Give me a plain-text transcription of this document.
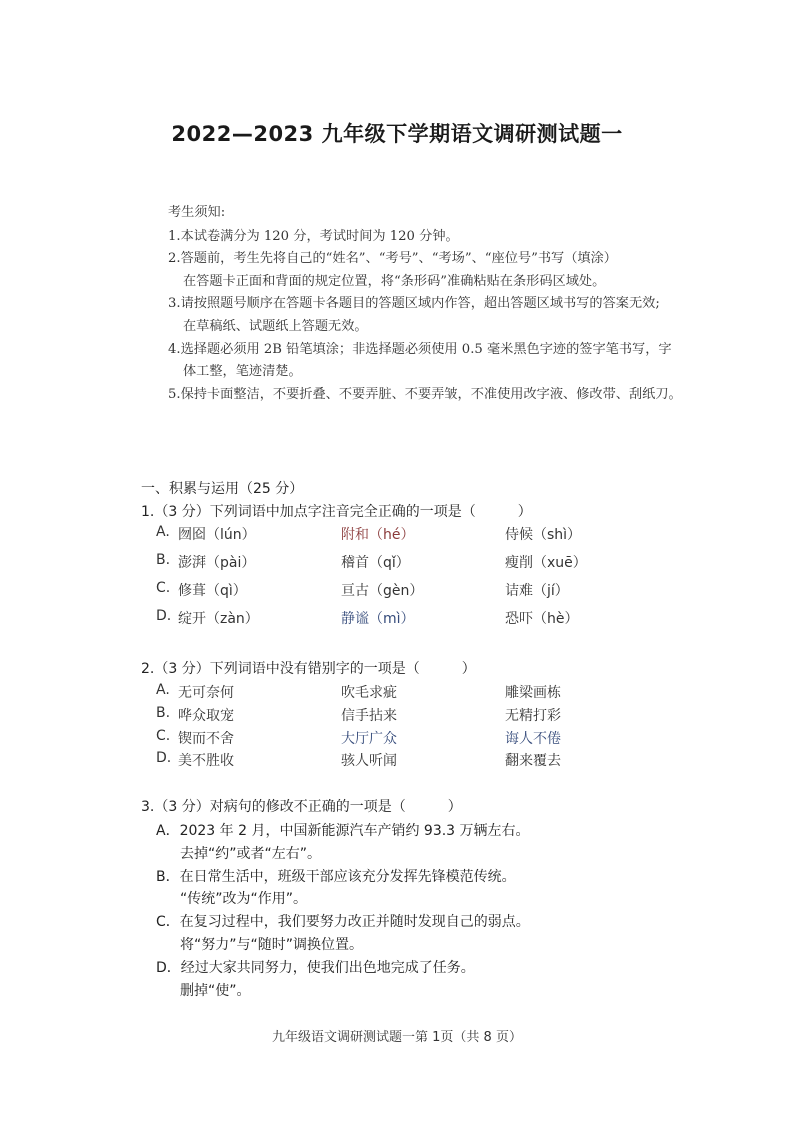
2022—2023 九年级下学期语文调研测试题一
考生须知:
1.本试卷满分为 120 分，考试时间为 120 分钟。
2.答题前，考生先将自己的“姓名”、“考号”、“考场”、“座位号”书写（填涂）
在答题卡正面和背面的规定位置，将“条形码”准确粘贴在条形码区域处。
3.请按照题号顺序在答题卡各题目的答题区域内作答，超出答题区域书写的答案无效;
在草稿纸、试题纸上答题无效。
4.选择题必须用 2B 铅笔填涂；非选择题必须使用 0.5 毫米黑色字迹的签字笔书写，字
体工整，笔迹清楚。
5.保持卡面整洁，不要折叠、不要弄脏、不要弄皱，不准使用改字液、修改带、刮纸刀。
一、积累与运用（25 分）
1.（3 分）下列词语中加点字注音完全正确的一项是（　　　）
A. 囫囵（lún）	附和（hé）	侍候（shì）
B. 澎湃（pài）	稽首（qǐ）	瘦削（xuē）
C. 修葺（qì）	亘古（gèn）	诘难（jí）
D. 绽开（zàn）	静谧（mì）	恐吓（hè）
2.（3 分）下列词语中没有错别字的一项是（　　　）
A. 无可奈何	吹毛求疵	雕梁画栋
B. 哗众取宠	信手拈来	无精打彩
C. 锲而不舍	大厅广众	诲人不倦
D. 美不胜收	骇人听闻	翻来覆去
3.（3 分）对病句的修改不正确的一项是（　　　）
A．2023 年 2 月，中国新能源汽车产销约 93.3 万辆左右。
去掉“约”或者“左右”。
B．在日常生活中，班级干部应该充分发挥先锋模范传统。
“传统”改为“作用”。
C．在复习过程中，我们要努力改正并随时发现自己的弱点。
将“努力”与“随时”调换位置。
D．经过大家共同努力，使我们出色地完成了任务。
删掉“使”。
九年级语文调研测试题一第 1页（共 8 页）
